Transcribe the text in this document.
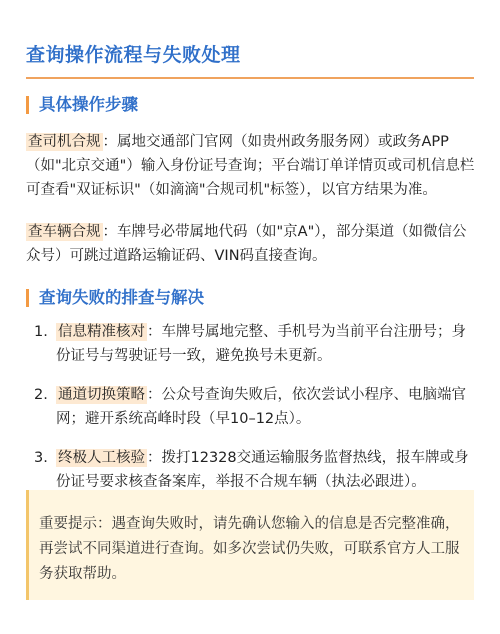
查询操作流程与失败处理
具体操作步骤
查司机合规 ：属地交通部门官网（如贵州政务服务网）或政务APP（如"北京交通"）输入身份证号查询；平台端订单详情页或司机信息栏可查看"双证标识"（如滴滴"合规司机"标签），以官方结果为准。
查车辆合规 ：车牌号必带属地代码（如"京A"），部分渠道（如微信公众号）可跳过道路运输证码、VIN码直接查询。
查询失败的排查与解决
1. 信息精准核对 ：车牌号属地完整、手机号为当前平台注册号；身份证号与驾驶证号一致，避免换号未更新。
2. 通道切换策略 ：公众号查询失败后，依次尝试小程序、电脑端官网；避开系统高峰时段（早10–12点）。
3. 终极人工核验 ：拨打12328交通运输服务监督热线，报车牌或身份证号要求核查备案库，举报不合规车辆（执法必跟进）。
重要提示：遇查询失败时，请先确认您输入的信息是否完整准确，再尝试不同渠道进行查询。如多次尝试仍失败，可联系官方人工服务获取帮助。
